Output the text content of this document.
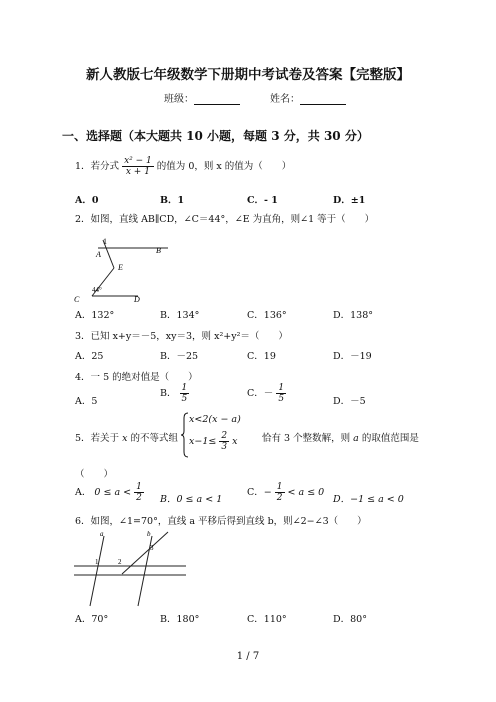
新人教版七年级数学下册期中考试卷及答案【完整版】
班级：	姓名：
一、选择题（本大题共 10 小题，每题 3 分，共 30 分）
1．若分式 $\frac{\text{x² − 1}}{x + 1}$ 的值为 0，则 x 的值为（　　）
A．0	B．1	C．- 1	D．±1
2．如图，直线 AB∥CD，∠C＝44°，∠E 为直角，则∠1 等于（　　）
1
A	B
E
44°
C	D
A．132°	B．134°	C．136°	D．138°
3．已知 x+y＝－5，xy＝3，则 x²+y²＝（　　）
A．25	B．－25	C．19	D．－19
4．一 5 的绝对值是（　　）
A．5
B． $\frac{1}{5}$	C．－ $\frac{1}{5}$	D．－5
5．若关于 x 的不等式组
x<2(x − a)
$x-1\le \frac{2}{3}$ x	恰有 3 个整数解，则 a 的取值范围是
（　　）
A． $0 \le a < \frac{1}{2}$ B．0 ≤ a < 1
C．− $\frac{1}{2} < a \le 0$
D．−1 ≤ a < 0
6．如图，∠1=70°，直线 a 平移后得到直线 b，则∠2−∠3（　　）
a	b
1	2
3
A．70°	B．180°	C．110°	D．80°
1 / 7
